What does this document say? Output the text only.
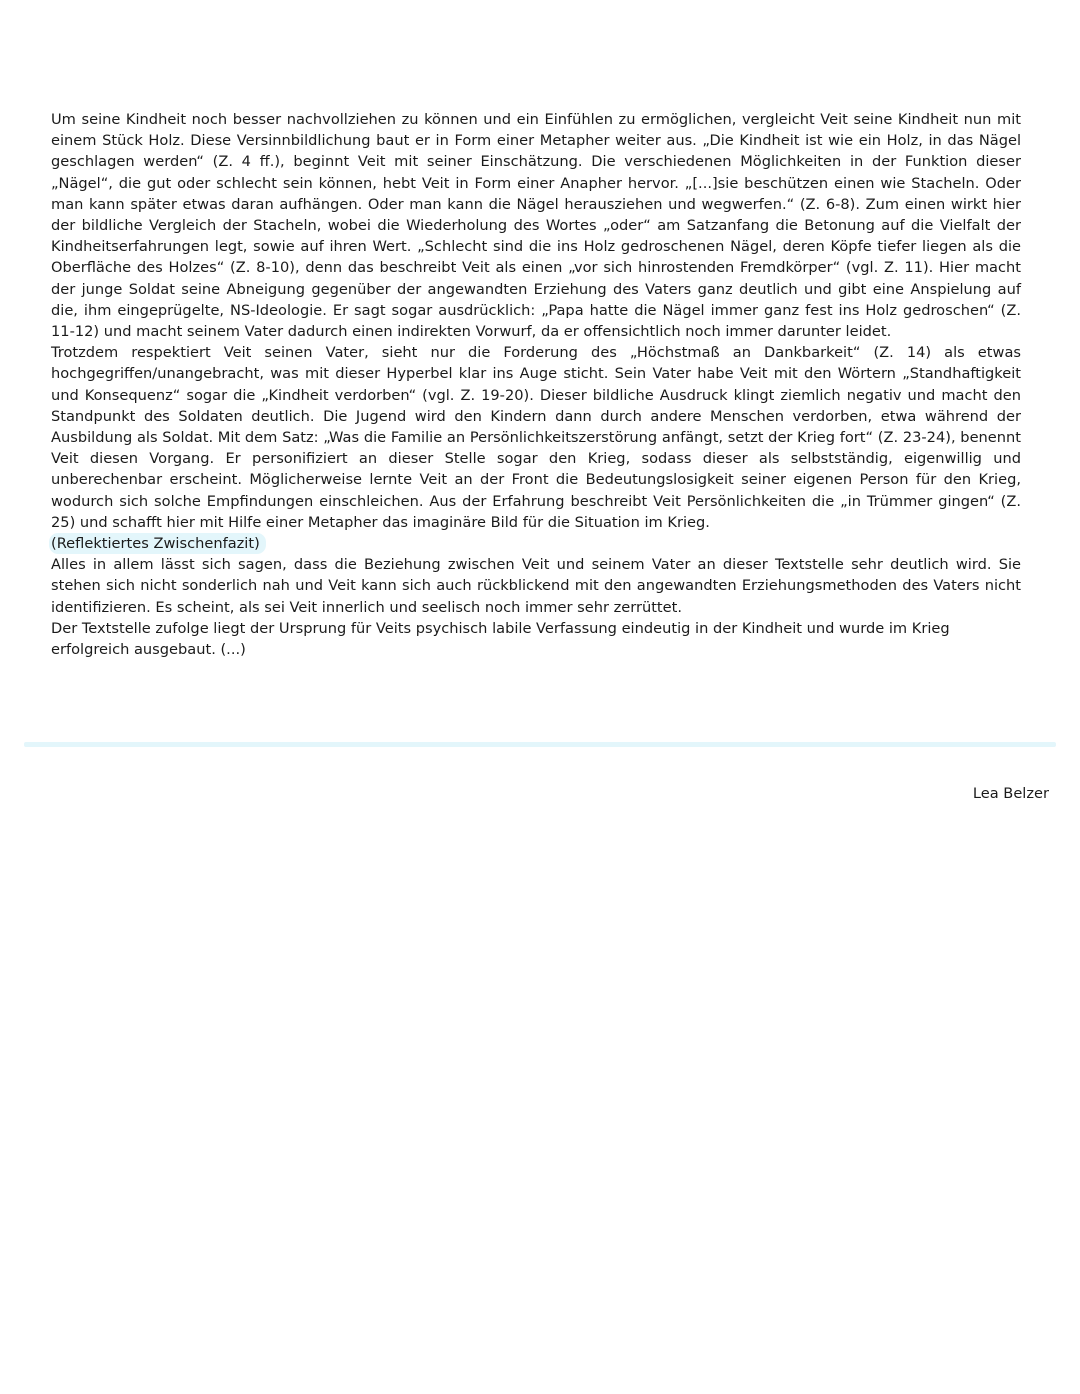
Um seine Kindheit noch besser nachvollziehen zu können und ein Einfühlen zu ermöglichen, vergleicht Veit seine Kindheit nun mit einem Stück Holz. Diese Versinnbildlichung baut er in Form einer Metapher weiter aus. „Die Kindheit ist wie ein Holz, in das Nägel geschlagen werden“ (Z. 4 ff.), beginnt Veit mit seiner Einschätzung. Die verschiedenen Möglichkeiten in der Funktion dieser „Nägel“, die gut oder schlecht sein können, hebt Veit in Form einer Anapher hervor. „[...]sie beschützen einen wie Stacheln. Oder man kann später etwas daran aufhängen. Oder man kann die Nägel herausziehen und wegwerfen.“ (Z. 6-8). Zum einen wirkt hier der bildliche Vergleich der Stacheln, wobei die Wiederholung des Wortes „oder“ am Satzanfang die Betonung auf die Vielfalt der Kindheitserfahrungen legt, sowie auf ihren Wert. „Schlecht sind die ins Holz gedroschenen Nägel, deren Köpfe tiefer liegen als die Oberfläche des Holzes“ (Z. 8-10), denn das beschreibt Veit als einen „vor sich hinrostenden Fremdkörper“ (vgl. Z. 11). Hier macht der junge Soldat seine Abneigung gegenüber der angewandten Erziehung des Vaters ganz deutlich und gibt eine Anspielung auf die, ihm eingeprügelte, NS-Ideologie. Er sagt sogar ausdrücklich: „Papa hatte die Nägel immer ganz fest ins Holz gedroschen“ (Z. 11-12) und macht seinem Vater dadurch einen indirekten Vorwurf, da er offensichtlich noch immer darunter leidet.

Trotzdem respektiert Veit seinen Vater, sieht nur die Forderung des „Höchstmaß an Dankbarkeit“ (Z. 14) als etwas hochgegriffen/unangebracht, was mit dieser Hyperbel klar ins Auge sticht. Sein Vater habe Veit mit den Wörtern „Standhaftigkeit und Konsequenz“ sogar die „Kindheit verdorben“ (vgl. Z. 19-20). Dieser bildliche Ausdruck klingt ziemlich negativ und macht den Standpunkt des Soldaten deutlich. Die Jugend wird den Kindern dann durch andere Menschen verdorben, etwa während der Ausbildung als Soldat. Mit dem Satz: „Was die Familie an Persönlichkeitszerstörung anfängt, setzt der Krieg fort“ (Z. 23-24), benennt Veit diesen Vorgang. Er personifiziert an dieser Stelle sogar den Krieg, sodass dieser als selbstständig, eigenwillig und unberechenbar erscheint. Möglicherweise lernte Veit an der Front die Bedeutungslosigkeit seiner eigenen Person für den Krieg, wodurch sich solche Empfindungen einschleichen. Aus der Erfahrung beschreibt Veit Persönlichkeiten die „in Trümmer gingen“ (Z. 25) und schafft hier mit Hilfe einer Metapher das imaginäre Bild für die Situation im Krieg.

(Reflektiertes Zwischenfazit)

Alles in allem lässt sich sagen, dass die Beziehung zwischen Veit und seinem Vater an dieser Textstelle sehr deutlich wird. Sie stehen sich nicht sonderlich nah und Veit kann sich auch rückblickend mit den angewandten Erziehungsmethoden des Vaters nicht identifizieren. Es scheint, als sei Veit innerlich und seelisch noch immer sehr zerrüttet.

Der Textstelle zufolge liegt der Ursprung für Veits psychisch labile Verfassung eindeutig in der Kindheit und wurde im Krieg erfolgreich ausgebaut. (...)

Lea Belzer
